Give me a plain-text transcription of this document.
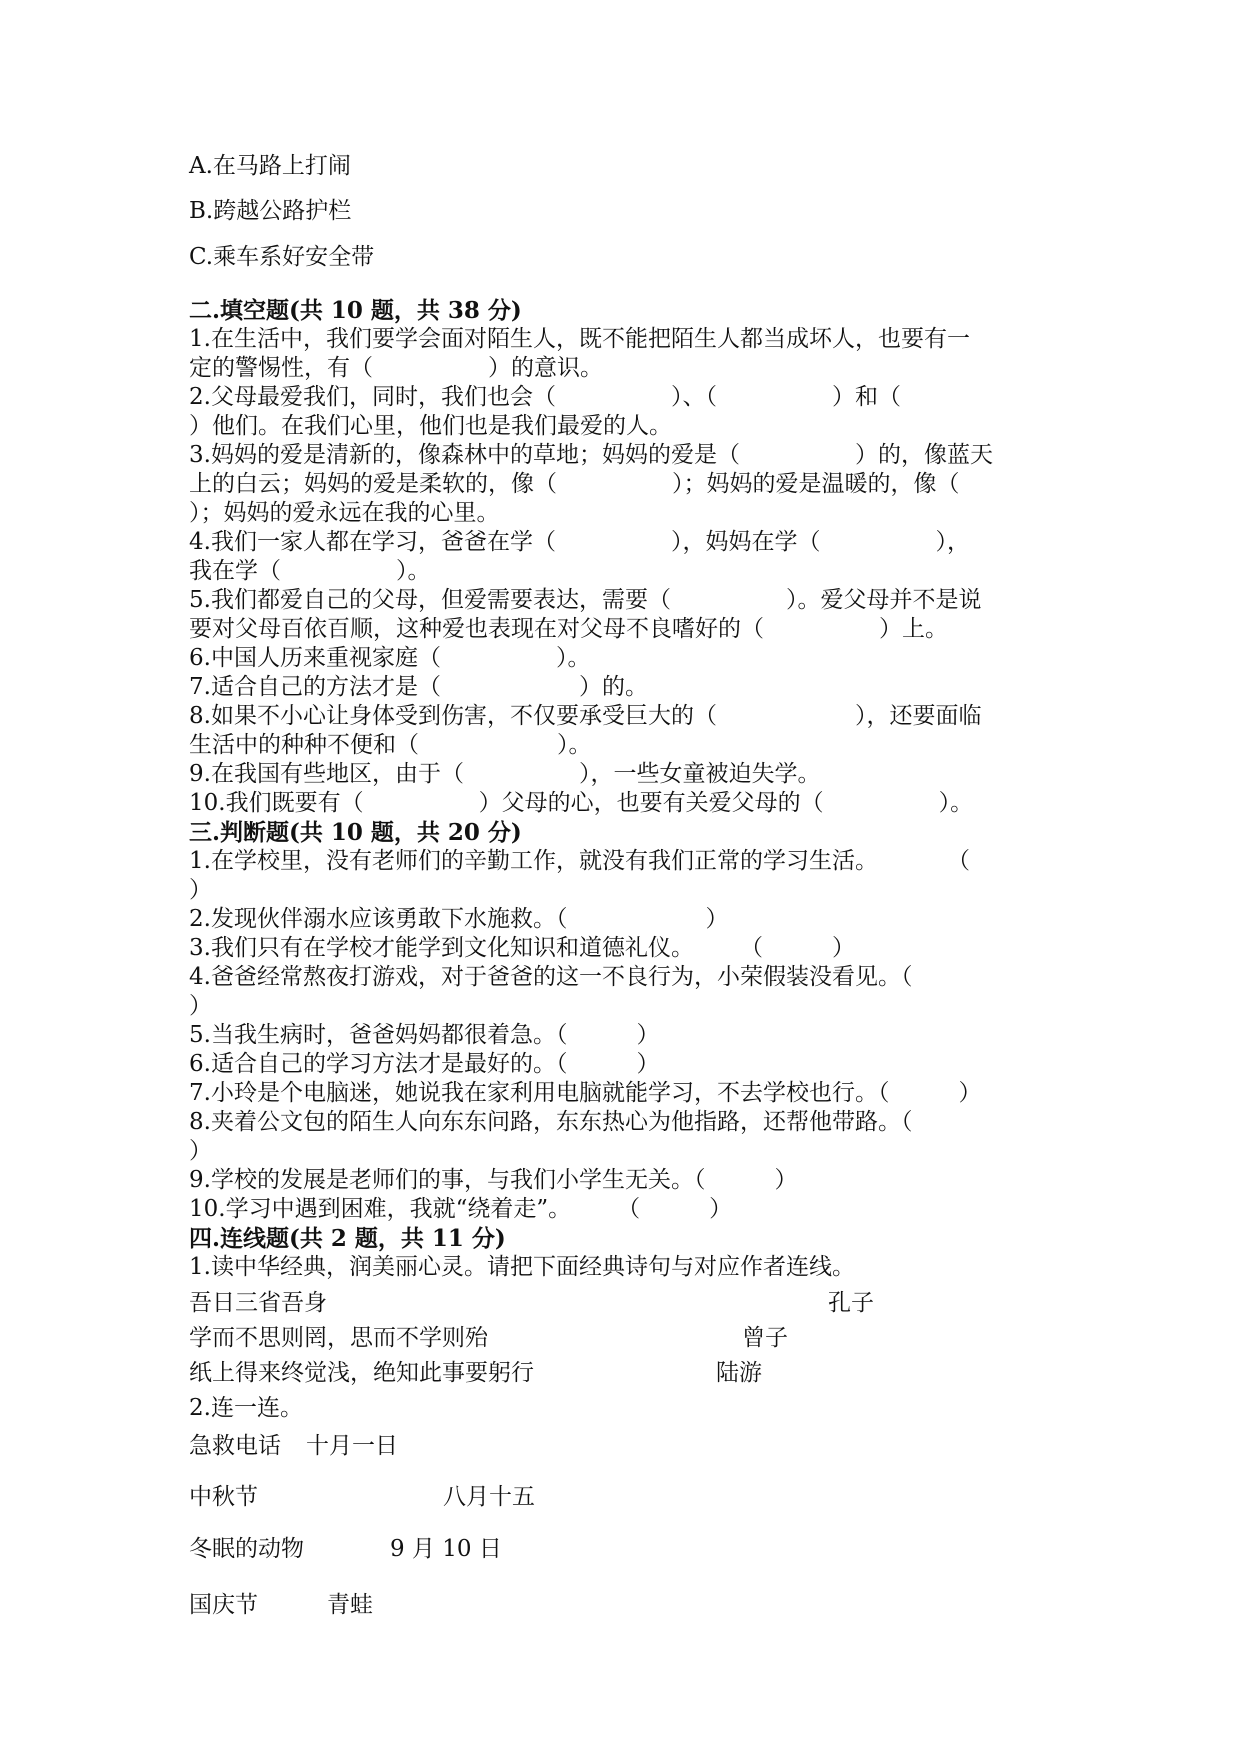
A.在马路上打闹

B.跨越公路护栏

C.乘车系好安全带

二.填空题(共 10 题，共 38 分)

1.在生活中，我们要学会面对陌生人，既不能把陌生人都当成坏人，也要有一

定的警惕性，有（　　　　　）的意识。

2.父母最爱我们，同时，我们也会（　　　　　）、（　　　　　）和（

）他们。在我们心里，他们也是我们最爱的人。

3.妈妈的爱是清新的，像森林中的草地；妈妈的爱是（　　　　　）的，像蓝天

上的白云；妈妈的爱是柔软的，像（　　　　　）；妈妈的爱是温暖的，像（

）；妈妈的爱永远在我的心里。

4.我们一家人都在学习，爸爸在学（　　　　　），妈妈在学（　　　　　），

我在学（　　　　　）。

5.我们都爱自己的父母，但爱需要表达，需要（　　　　　）。爱父母并不是说

要对父母百依百顺，这种爱也表现在对父母不良嗜好的（　　　　　）上。

6.中国人历来重视家庭（　　　　　）。

7.适合自己的方法才是（　　　　　　）的。

8.如果不小心让身体受到伤害，不仅要承受巨大的（　　　　　　），还要面临

生活中的种种不便和（　　　　　　）。

9.在我国有些地区，由于（　　　　　），一些女童被迫失学。

10.我们既要有（　　　　　）父母的心，也要有关爱父母的（　　　　　）。

三.判断题(共 10 题，共 20 分)

1.在学校里，没有老师们的辛勤工作，就没有我们正常的学习生活。　　　　（

）

2.发现伙伴溺水应该勇敢下水施救。（　　　　　　）

3.我们只有在学校才能学到文化知识和道德礼仪。　　　（　　　）

4.爸爸经常熬夜打游戏，对于爸爸的这一不良行为，小荣假装没看见。（

）

5.当我生病时，爸爸妈妈都很着急。（　　　）

6.适合自己的学习方法才是最好的。（　　　）

7.小玲是个电脑迷，她说我在家利用电脑就能学习，不去学校也行。（　　　）

8.夹着公文包的陌生人向东东问路，东东热心为他指路，还帮他带路。（

）

9.学校的发展是老师们的事，与我们小学生无关。（　　　）

10.学习中遇到困难，我就“绕着走”。　　　（　　　）

四.连线题(共 2 题，共 11 分)

1.读中华经典，润美丽心灵。请把下面经典诗句与对应作者连线。

吾日三省吾身	孔子

学而不思则罔，思而不学则殆	曾子

纸上得来终觉浅，绝知此事要躬行	陆游

2.连一连。

急救电话 十月一日

中秋节	八月十五

冬眠的动物	9 月 10 日

国庆节	青蛙
